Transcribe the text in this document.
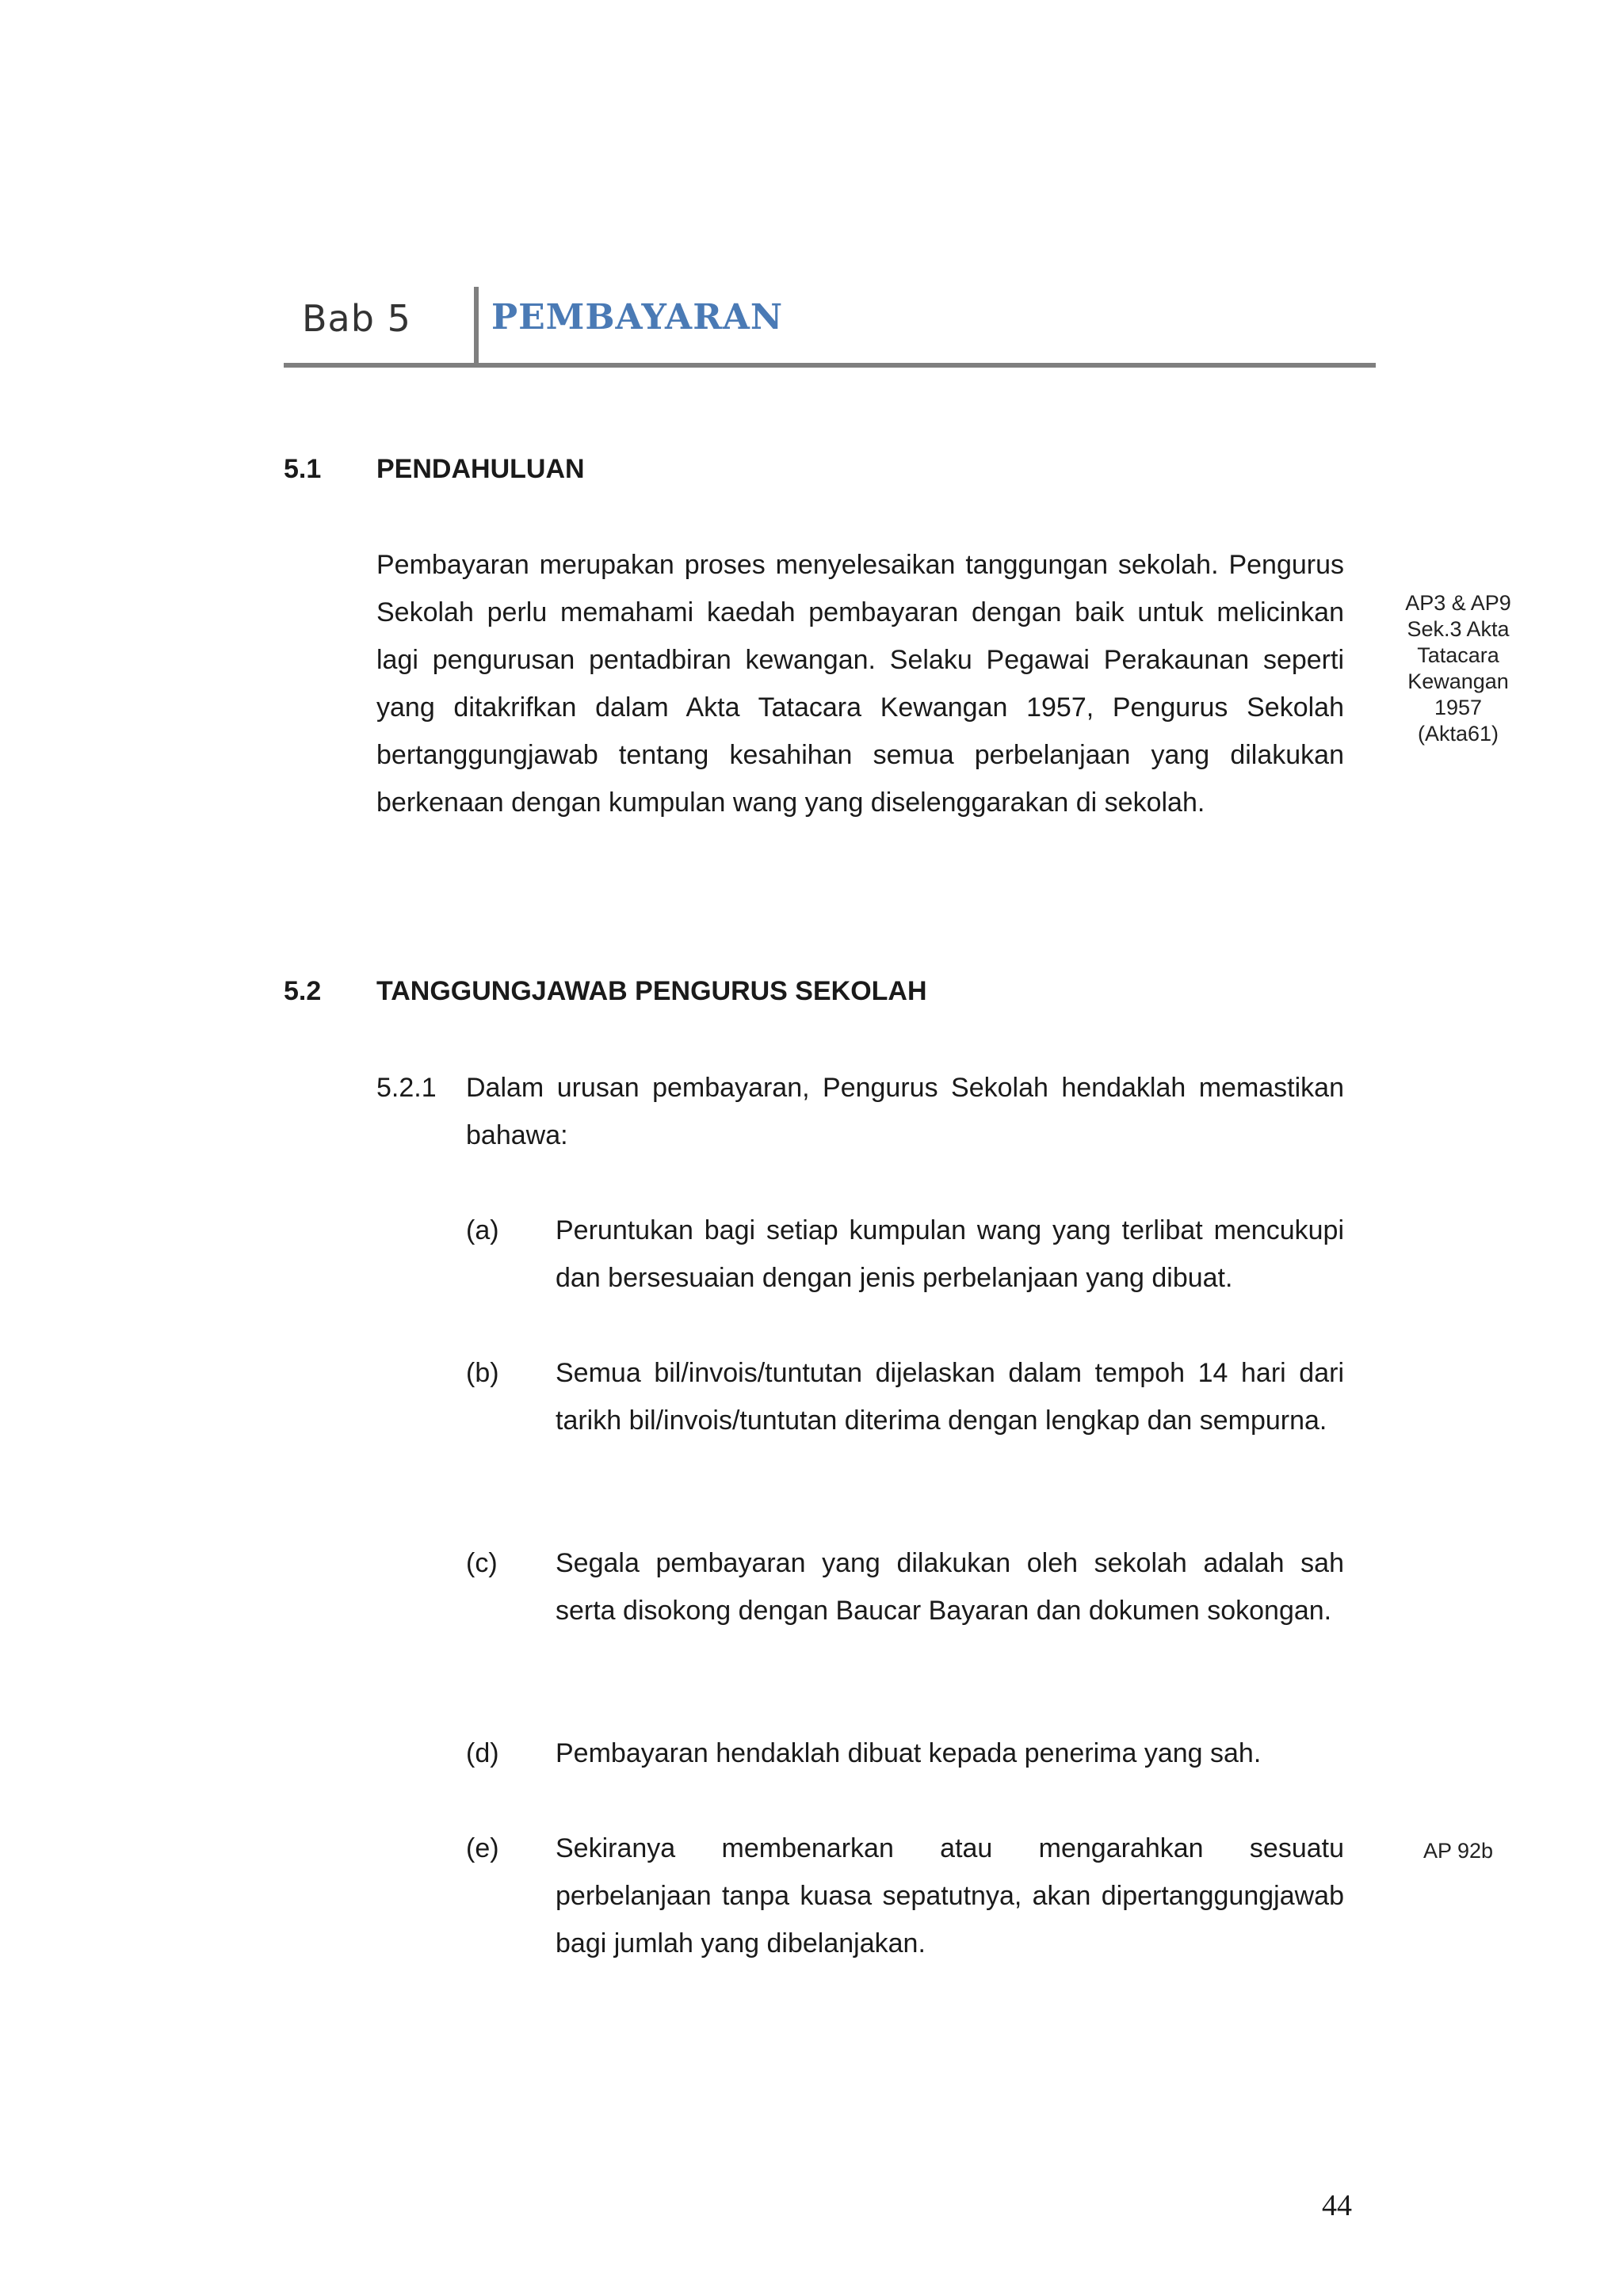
Bab 5 PEMBAYARAN
5.1 PENDAHULUAN
Pembayaran merupakan proses menyelesaikan tanggungan sekolah. Pengurus Sekolah perlu memahami kaedah pembayaran dengan baik untuk melicinkan lagi pengurusan pentadbiran kewangan. Selaku Pegawai Perakaunan seperti yang ditakrifkan dalam Akta Tatacara Kewangan 1957, Pengurus Sekolah bertanggungjawab tentang kesahihan semua perbelanjaan yang dilakukan berkenaan dengan kumpulan wang yang diselenggarakan di sekolah.
AP3 & AP9
Sek.3 Akta
Tatacara
Kewangan
1957
(Akta61)
5.2 TANGGUNGJAWAB PENGURUS SEKOLAH
5.2.1	Dalam urusan pembayaran, Pengurus Sekolah hendaklah memastikan bahawa:
(a)	Peruntukan bagi setiap kumpulan wang yang terlibat mencukupi dan bersesuaian dengan jenis perbelanjaan yang dibuat.
(b)	Semua bil/invois/tuntutan dijelaskan dalam tempoh 14 hari dari tarikh bil/invois/tuntutan diterima dengan lengkap dan sempurna.
(c)	Segala pembayaran yang dilakukan oleh sekolah adalah sah serta disokong dengan Baucar Bayaran dan dokumen sokongan.
(d)	Pembayaran hendaklah dibuat kepada penerima yang sah.
(e)	Sekiranya membenarkan atau mengarahkan sesuatu perbelanjaan tanpa kuasa sepatutnya, akan dipertanggungjawab bagi jumlah yang dibelanjakan.
AP 92b
44
